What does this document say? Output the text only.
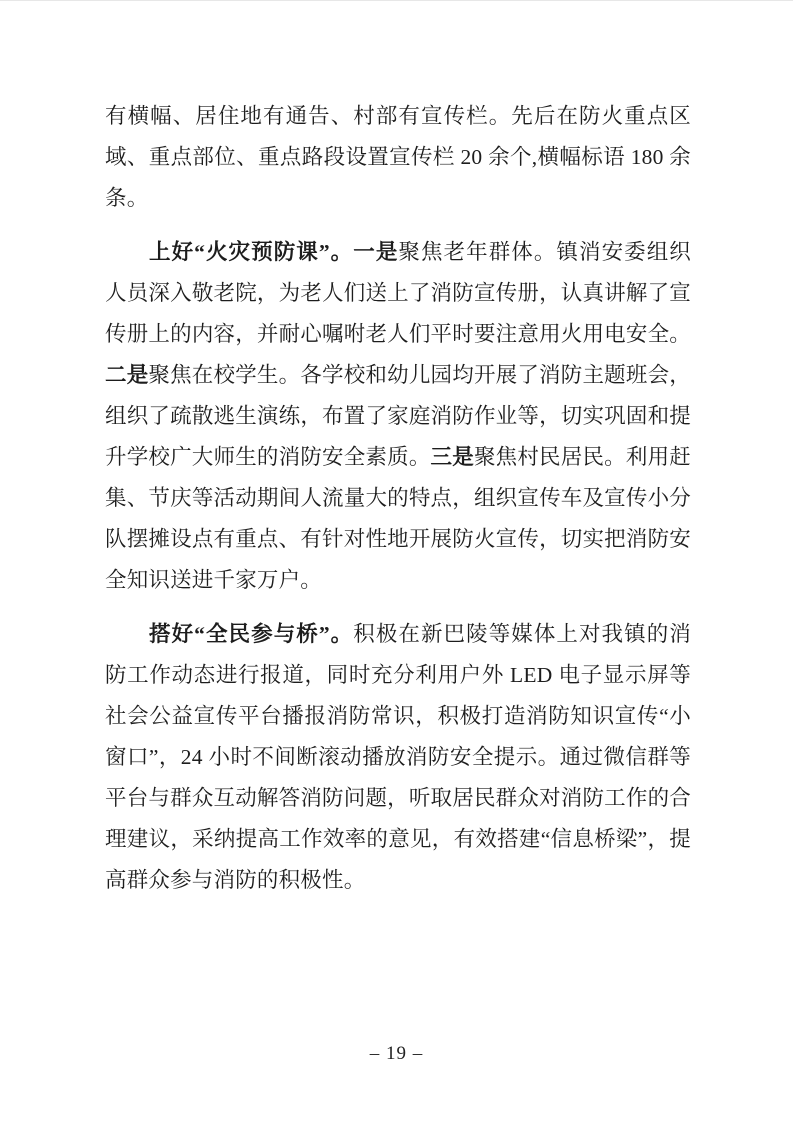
有横幅、居住地有通告、村部有宣传栏。先后在防火重点区域、重点部位、重点路段设置宣传栏 20 余个,横幅标语 180 余条。

上好“火灾预防课”。一是聚焦老年群体。镇消安委组织人员深入敬老院，为老人们送上了消防宣传册，认真讲解了宣传册上的内容，并耐心嘱咐老人们平时要注意用火用电安全。二是聚焦在校学生。各学校和幼儿园均开展了消防主题班会，组织了疏散逃生演练，布置了家庭消防作业等，切实巩固和提升学校广大师生的消防安全素质。三是聚焦村民居民。利用赶集、节庆等活动期间人流量大的特点，组织宣传车及宣传小分队摆摊设点有重点、有针对性地开展防火宣传，切实把消防安全知识送进千家万户。

搭好“全民参与桥”。积极在新巴陵等媒体上对我镇的消防工作动态进行报道，同时充分利用户外 LED 电子显示屏等社会公益宣传平台播报消防常识，积极打造消防知识宣传“小窗口”，24 小时不间断滚动播放消防安全提示。通过微信群等平台与群众互动解答消防问题，听取居民群众对消防工作的合理建议，采纳提高工作效率的意见，有效搭建“信息桥梁”，提高群众参与消防的积极性。

– 19 –
